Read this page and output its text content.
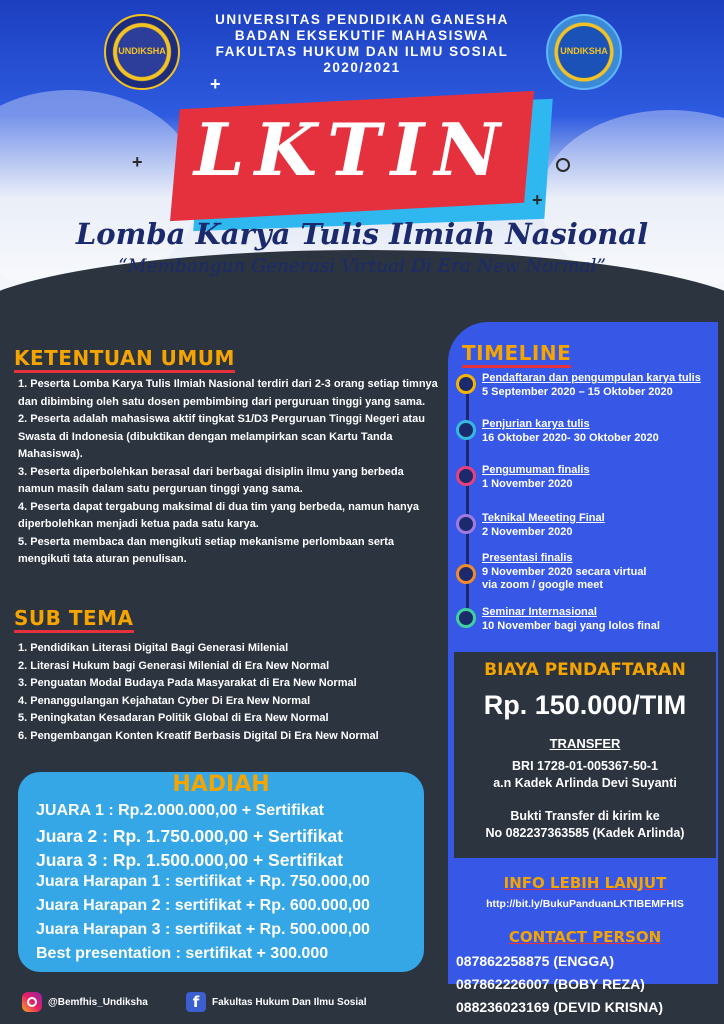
UNDIKSHA	UNDIKSHA
UNIVERSITAS PENDIDIKAN GANESHA
BADAN EKSEKUTIF MAHASISWA
FAKULTAS HUKUM DAN ILMU SOSIAL
2020/2021
LKTIN
+
+
+
Lomba Karya Tulis Ilmiah Nasional
“Membangun Generasi Virtual Di Era New Normal”
KETENTUAN UMUM
1. Peserta Lomba Karya Tulis Ilmiah Nasional terdiri dari 2-3 orang setiap timnya dan dibimbing oleh satu dosen pembimbing dari perguruan tinggi yang sama.
2. Peserta adalah mahasiswa aktif tingkat S1/D3 Perguruan Tinggi Negeri atau Swasta di Indonesia (dibuktikan dengan melampirkan scan Kartu Tanda Mahasiswa).
3. Peserta diperbolehkan berasal dari berbagai disiplin ilmu yang berbeda namun masih dalam satu perguruan tinggi yang sama.
4. Peserta dapat tergabung maksimal di dua tim yang berbeda, namun hanya diperbolehkan menjadi ketua pada satu karya.
5. Peserta membaca dan mengikuti setiap mekanisme perlombaan serta mengikuti tata aturan penulisan.
SUB TEMA
1. Pendidikan Literasi Digital Bagi Generasi Milenial
2. Literasi Hukum bagi Generasi Milenial di Era New Normal
3. Penguatan Modal Budaya Pada Masyarakat di Era New Normal
4. Penanggulangan Kejahatan Cyber Di Era New Normal
5. Peningkatan Kesadaran Politik Global di Era New Normal
6. Pengembangan Konten Kreatif Berbasis Digital Di Era New Normal
HADIAH
JUARA 1 : Rp.2.000.000,00 + Sertifikat
Juara 2 : Rp. 1.750.000,00 + Sertifikat
Juara 3 : Rp. 1.500.000,00 + Sertifikat
Juara Harapan 1 : sertifikat + Rp. 750.000,00
Juara Harapan 2 : sertifikat + Rp. 600.000,00
Juara Harapan 3 : sertifikat + Rp. 500.000,00
Best presentation : sertifikat + 300.000
TIMELINE
Pendaftaran dan pengumpulan karya tulis
5 September 2020 – 15 Oktober 2020
Penjurian karya tulis
16 Oktober 2020- 30 Oktober 2020
Pengumuman finalis
1 November 2020
Teknikal Meeeting Final
2 November 2020
Presentasi finalis
9 November 2020 secara virtual
via zoom / google meet
Seminar Internasional
10 November bagi yang lolos final
BIAYA PENDAFTARAN
Rp. 150.000/TIM
TRANSFER
BRI 1728-01-005367-50-1
a.n Kadek Arlinda Devi Suyanti
Bukti Transfer di kirim ke
No 082237363585 (Kadek Arlinda)
INFO LEBIH LANJUT
http://bit.ly/BukuPanduanLKTIBEMFHIS
CONTACT PERSON
087862258875 (ENGGA)
087862226007 (BOBY REZA)
088236023169 (DEVID KRISNA)
@Bemfhis_Undiksha	f	Fakultas Hukum Dan Ilmu Sosial
